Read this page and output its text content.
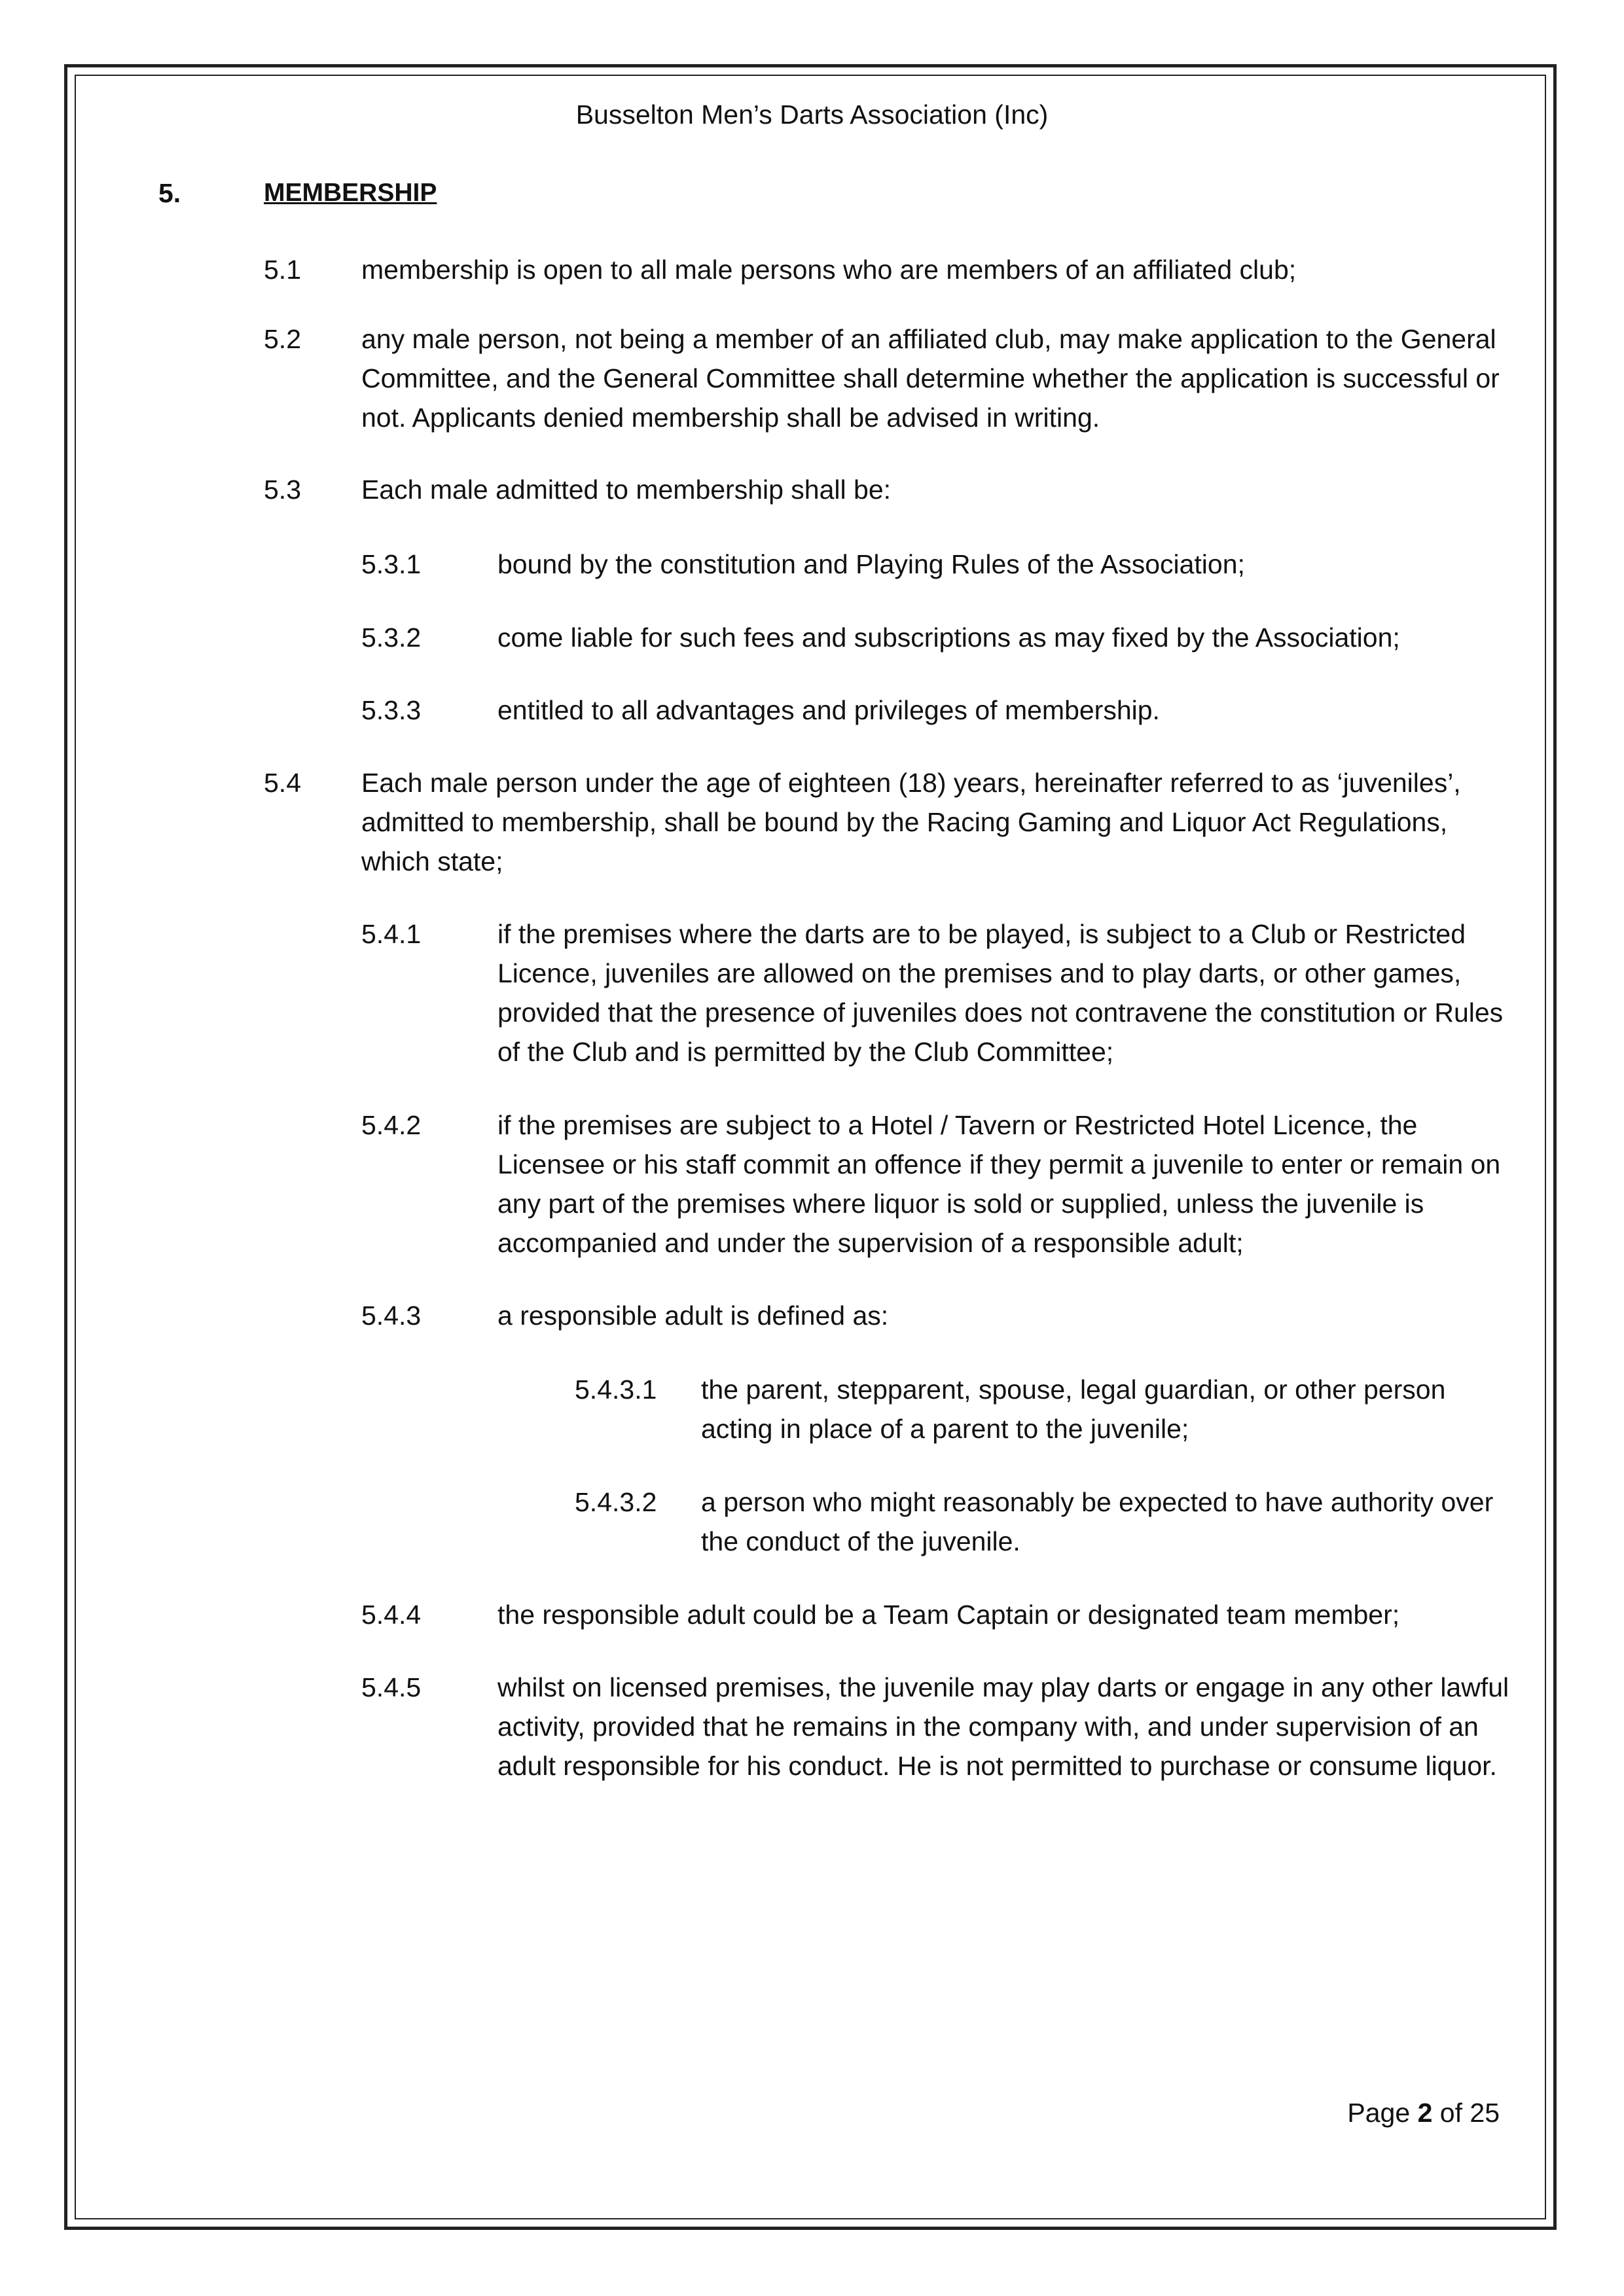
Busselton Men’s Darts Association (Inc)
5.	MEMBERSHIP
5.1 membership is open to all male persons who are members of an affiliated club;
5.2 any male person, not being a member of an affiliated club, may make application to the General Committee, and the General Committee shall determine whether the application is successful or not. Applicants denied membership shall be advised in writing.
5.3 Each male admitted to membership shall be:
5.3.1	bound by the constitution and Playing Rules of the Association;
5.3.2	come liable for such fees and subscriptions as may fixed by the Association;
5.3.3	entitled to all advantages and privileges of membership.
5.4 Each male person under the age of eighteen (18) years, hereinafter referred to as ‘juveniles’, admitted to membership, shall be bound by the Racing Gaming and Liquor Act Regulations, which state;
5.4.1	if the premises where the darts are to be played, is subject to a Club or Restricted Licence, juveniles are allowed on the premises and to play darts, or other games, provided that the presence of juveniles does not contravene the constitution or Rules of the Club and is permitted by the Club Committee;
5.4.2	if the premises are subject to a Hotel / Tavern or Restricted Hotel Licence, the Licensee or his staff commit an offence if they permit a juvenile to enter or remain on any part of the premises where liquor is sold or supplied, unless the juvenile is accompanied and under the supervision of a responsible adult;
5.4.3	a responsible adult is defined as:
5.4.3.1 the parent, stepparent, spouse, legal guardian, or other person acting in place of a parent to the juvenile;
5.4.3.2 a person who might reasonably be expected to have authority over the conduct of the juvenile.
5.4.4	the responsible adult could be a Team Captain or designated team member;
5.4.5	whilst on licensed premises, the juvenile may play darts or engage in any other lawful activity, provided that he remains in the company with, and under supervision of an adult responsible for his conduct. He is not permitted to purchase or consume liquor.
Page 2 of 25
